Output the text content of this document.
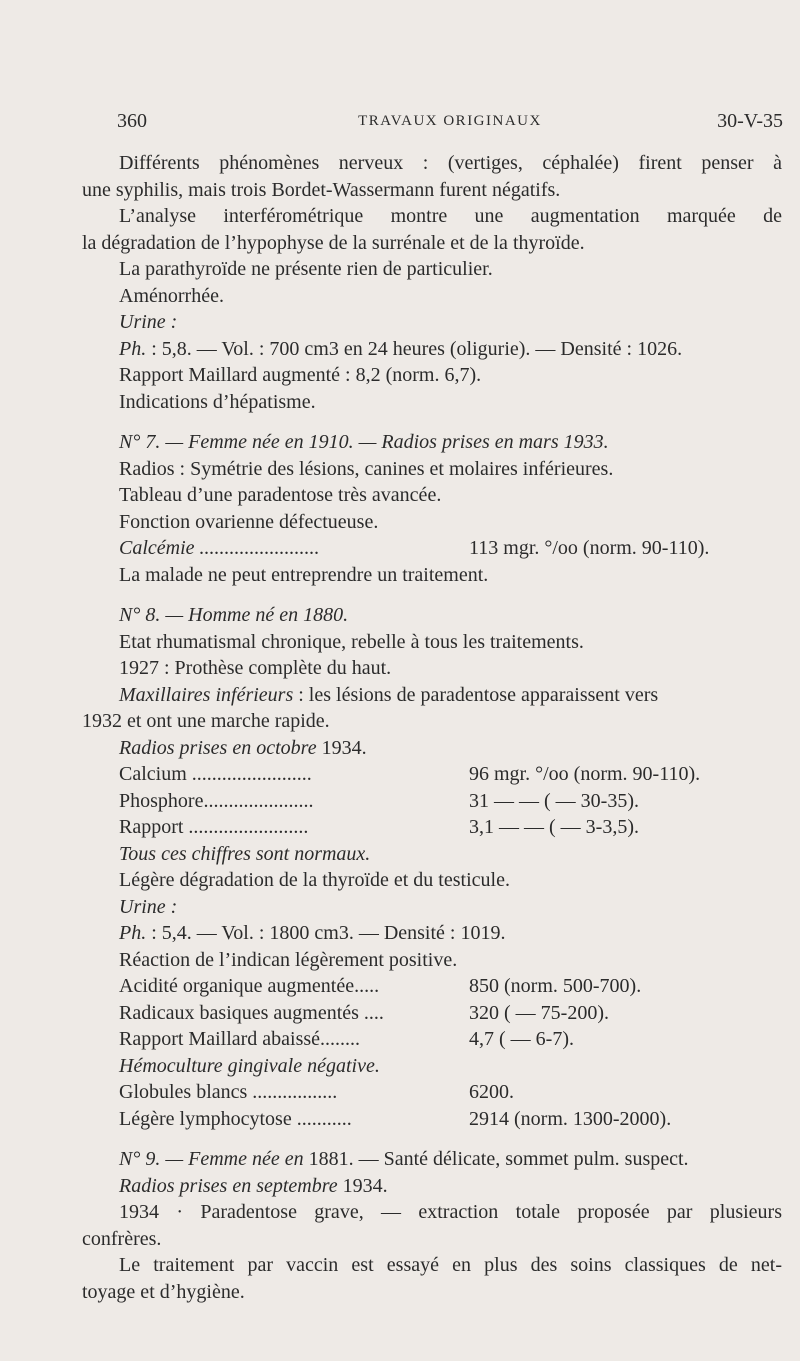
360	TRAVAUX ORIGINAUX	30-V-35
Différents phénomènes nerveux : (vertiges, céphalée) firent penser à
une syphilis, mais trois Bordet-Wassermann furent négatifs.
L’analyse interférométrique montre une augmentation marquée de
la dégradation de l’hypophyse de la surrénale et de la thyroïde.
La parathyroïde ne présente rien de particulier.
Aménorrhée.
Urine :
Ph. : 5,8. — Vol. : 700 cm3 en 24 heures (oligurie). — Densité : 1026.
Rapport Maillard augmenté : 8,2 (norm. 6,7).
Indications d’hépatisme.
N° 7. — Femme née en 1910. — Radios prises en mars 1933.
Radios : Symétrie des lésions, canines et molaires inférieures.
Tableau d’une paradentose très avancée.
Fonction ovarienne défectueuse.
Calcémie ........................	113 mgr. °/oo (norm. 90-110).
La malade ne peut entreprendre un traitement.
N° 8. — Homme né en 1880.
Etat rhumatismal chronique, rebelle à tous les traitements.
1927 : Prothèse complète du haut.
Maxillaires inférieurs : les lésions de paradentose apparaissent vers
1932 et ont une marche rapide.
Radios prises en octobre 1934.
Calcium ........................	96 mgr. °/oo (norm. 90-110).
Phosphore......................	31 — — ( — 30-35).
Rapport ........................	3,1 — — ( — 3-3,5).
Tous ces chiffres sont normaux.
Légère dégradation de la thyroïde et du testicule.
Urine :
Ph. : 5,4. — Vol. : 1800 cm3. — Densité : 1019.
Réaction de l’indican légèrement positive.
Acidité organique augmentée.....	850 (norm. 500-700).
Radicaux basiques augmentés ....	320 ( — 75-200).
Rapport Maillard abaissé........	4,7 ( — 6-7).
Hémoculture gingivale négative.
Globules blancs .................	6200.
Légère lymphocytose ...........	2914 (norm. 1300-2000).
N° 9. — Femme née en 1881. — Santé délicate, sommet pulm. suspect.
Radios prises en septembre 1934.
1934 · Paradentose grave, — extraction totale proposée par plusieurs
confrères.
Le traitement par vaccin est essayé en plus des soins classiques de net-
toyage et d’hygiène.
